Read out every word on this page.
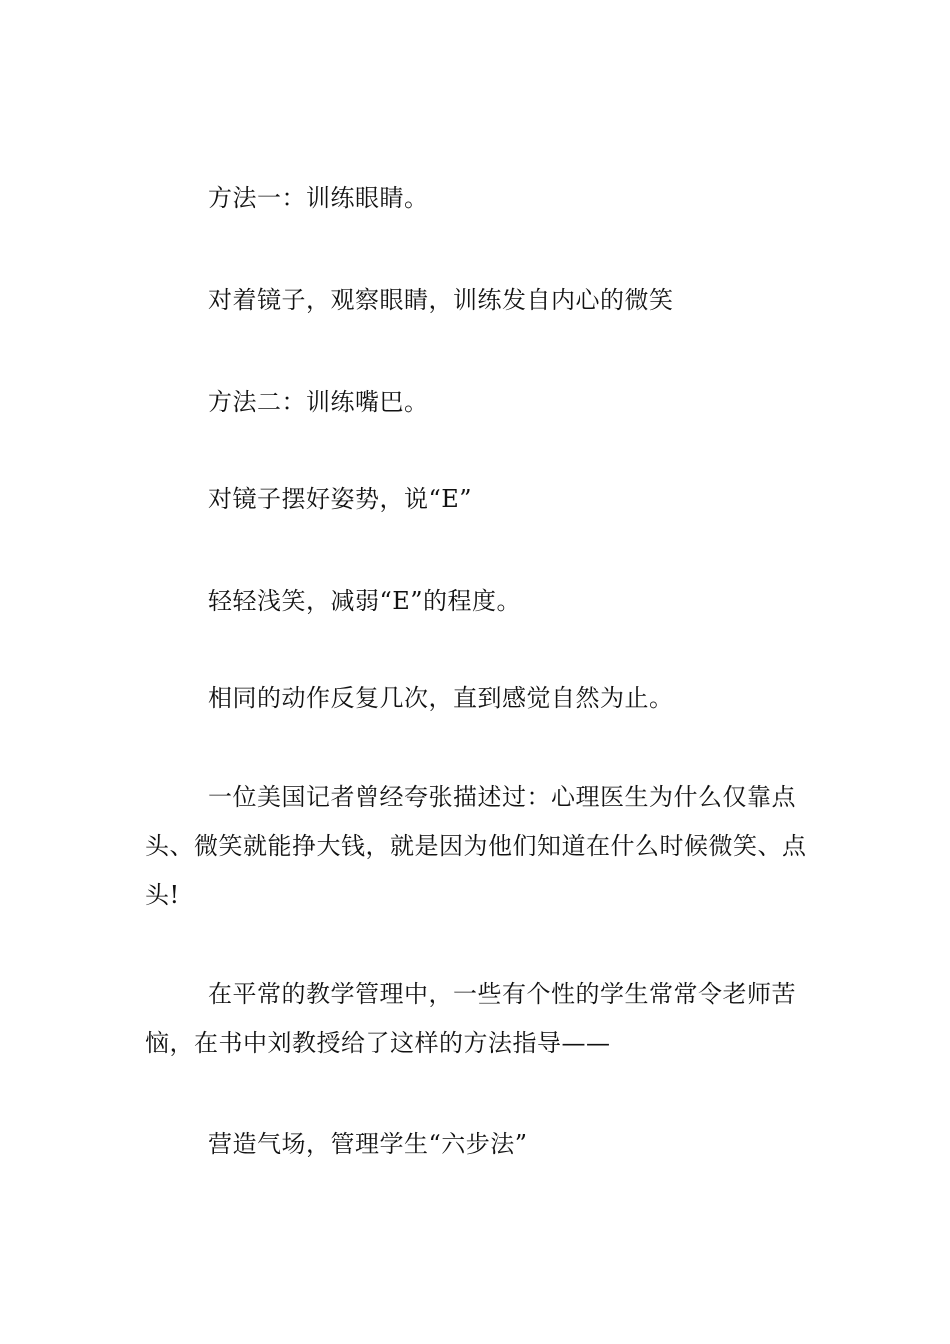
方法一：训练眼睛。

对着镜子，观察眼睛，训练发自内心的微笑

方法二：训练嘴巴。

对镜子摆好姿势，说“E”

轻轻浅笑，减弱“E”的程度。

相同的动作反复几次，直到感觉自然为止。

一位美国记者曾经夸张描述过：心理医生为什么仅靠点头、微笑就能挣大钱，就是因为他们知道在什么时候微笑、点头!

在平常的教学管理中，一些有个性的学生常常令老师苦恼，在书中刘教授给了这样的方法指导——

营造气场，管理学生“六步法”
